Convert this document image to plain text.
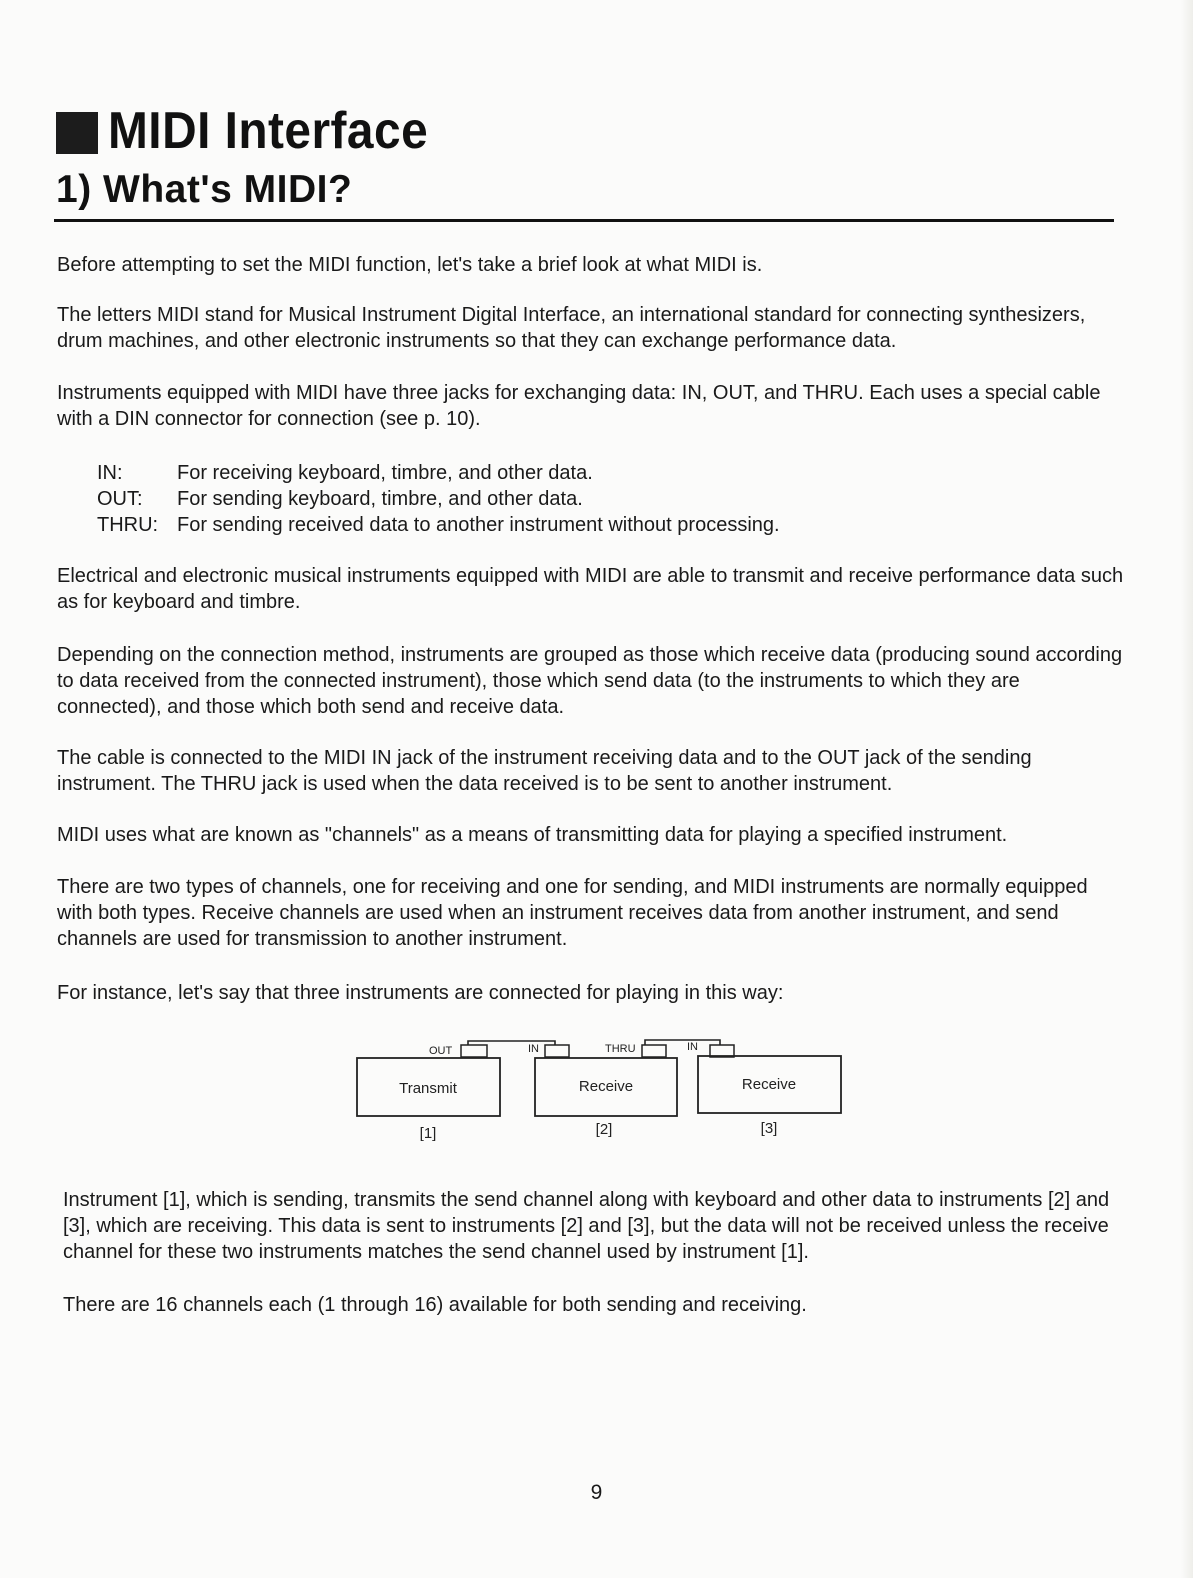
MIDI Interface
1) What's MIDI?

Before attempting to set the MIDI function, let's take a brief look at what MIDI is.

The letters MIDI stand for Musical Instrument Digital Interface, an international standard for connecting synthesizers, drum machines, and other electronic instruments so that they can exchange performance data.

Instruments equipped with MIDI have three jacks for exchanging data: IN, OUT, and THRU. Each uses a special cable with a DIN connector for connection (see p. 10).

IN:	For receiving keyboard, timbre, and other data.
OUT:	For sending keyboard, timbre, and other data.
THRU: For sending received data to another instrument without processing.

Electrical and electronic musical instruments equipped with MIDI are able to transmit and receive performance data such as for keyboard and timbre.

Depending on the connection method, instruments are grouped as those which receive data (producing sound according to data received from the connected instrument), those which send data (to the instruments to which they are connected), and those which both send and receive data.

The cable is connected to the MIDI IN jack of the instrument receiving data and to the OUT jack of the sending instrument. The THRU jack is used when the data received is to be sent to another instrument.

MIDI uses what are known as "channels" as a means of transmitting data for playing a specified instrument.

There are two types of channels, one for receiving and one for sending, and MIDI instruments are normally equipped with both types. Receive channels are used when an instrument receives data from another instrument, and send channels are used for transmission to another instrument.

For instance, let's say that three instruments are connected for playing in this way:

OUT	IN	THRU	IN
Transmit	Receive	Receive
[1]	[2]	[3]

Instrument [1], which is sending, transmits the send channel along with keyboard and other data to instruments [2] and [3], which are receiving. This data is sent to instruments [2] and [3], but the data will not be received unless the receive channel for these two instruments matches the send channel used by instrument [1].

There are 16 channels each (1 through 16) available for both sending and receiving.

9
